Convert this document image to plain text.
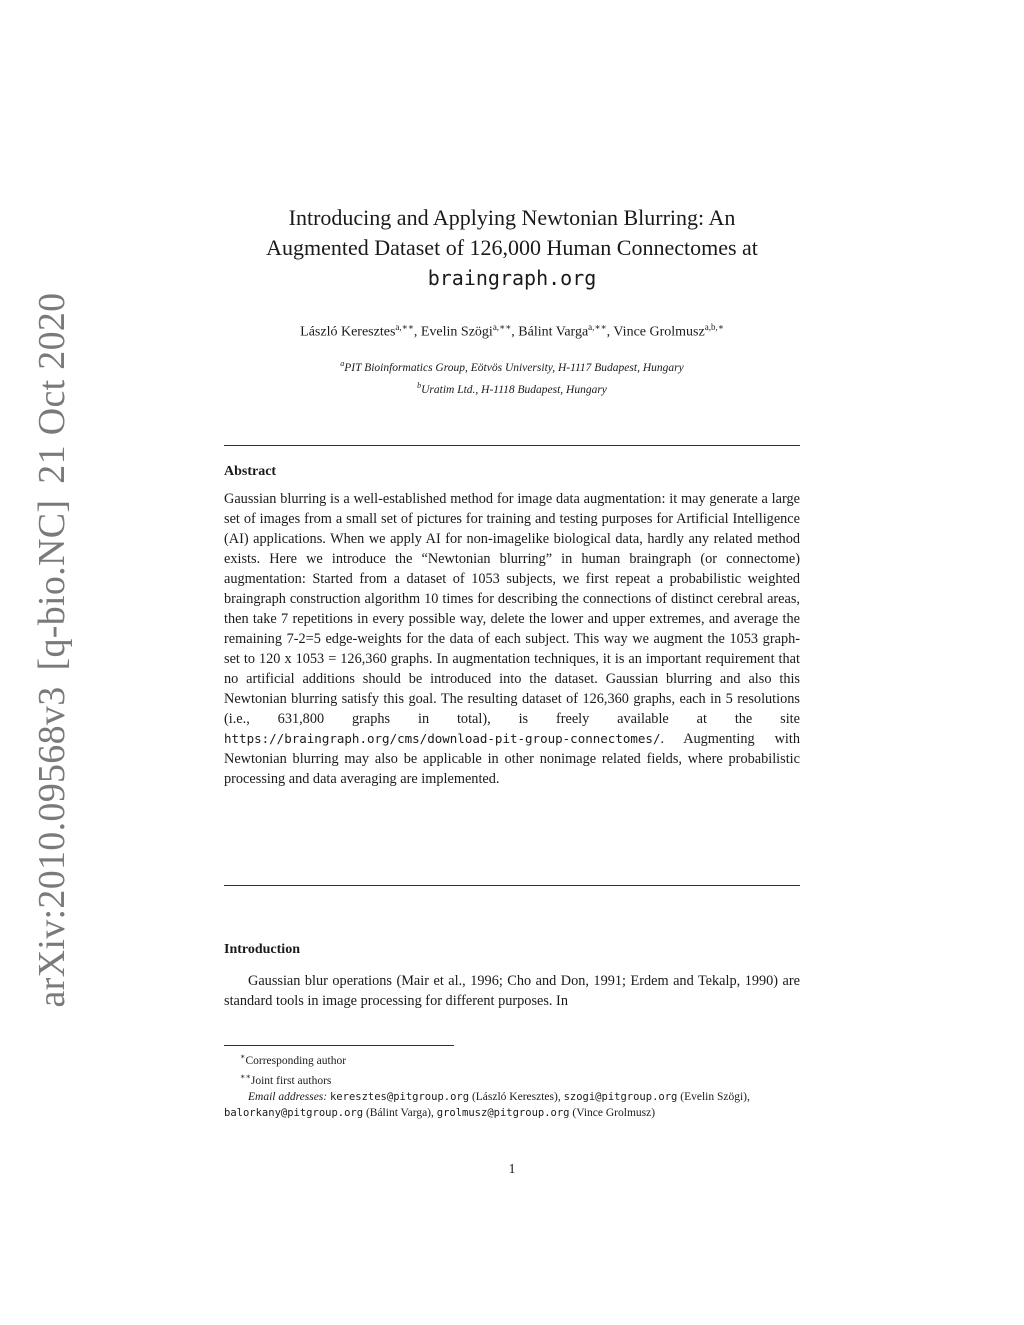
arXiv:2010.09568v3[q-bio.NC]21 Oct 2020
Introducing and Applying Newtonian Blurring: An
Augmented Dataset of 126,000 Human Connectomes at
braingraph.org
László Keresztes$^{a,∗∗}$, Evelin Szögi$^{a,∗∗}$, Bálint Varga$^{a,∗∗}$, Vince Grolmusz$^{a,b,∗}$
$^a$PIT Bioinformatics Group, Eötvös University, H-1117 Budapest, Hungary
$^b$Uratim Ltd., H-1118 Budapest, Hungary
Abstract
Gaussian blurring is a well-established method for image data augmentation: it may generate a large set of images from a small set of pictures for training and testing purposes for Artificial Intelligence (AI) applications. When we apply AI for non-imagelike biological data, hardly any related method exists. Here we introduce the “Newtonian blurring” in human braingraph (or connectome) augmentation: Started from a dataset of 1053 subjects, we first repeat a probabilistic weighted braingraph construction algorithm 10 times for describing the connections of distinct cerebral areas, then take 7 repetitions in every possible way, delete the lower and upper extremes, and average the remaining 7-2=5 edge-weights for the data of each subject. This way we augment the 1053 graph-set to 120 x 1053 = 126,360 graphs. In augmentation techniques, it is an important requirement that no artificial additions should be introduced into the dataset. Gaussian blurring and also this Newtonian blurring satisfy this goal. The resulting dataset of 126,360 graphs, each in 5 resolutions (i.e., 631,800 graphs in total), is freely available at the site https://braingraph.org/cms/download-pit-group-connectomes/. Augmenting with Newtonian blurring may also be applicable in other nonimage related fields, where probabilistic processing and data averaging are implemented.
Introduction
Gaussian blur operations (Mair et al., 1996; Cho and Don, 1991; Erdem and Tekalp, 1990) are standard tools in image processing for different purposes. In
∗Corresponding author
∗∗Joint first authors
Email addresses: keresztes@pitgroup.org (László Keresztes), szogi@pitgroup.org (Evelin Szögi), balorkany@pitgroup.org (Bálint Varga), grolmusz@pitgroup.org (Vince Grolmusz)
1
